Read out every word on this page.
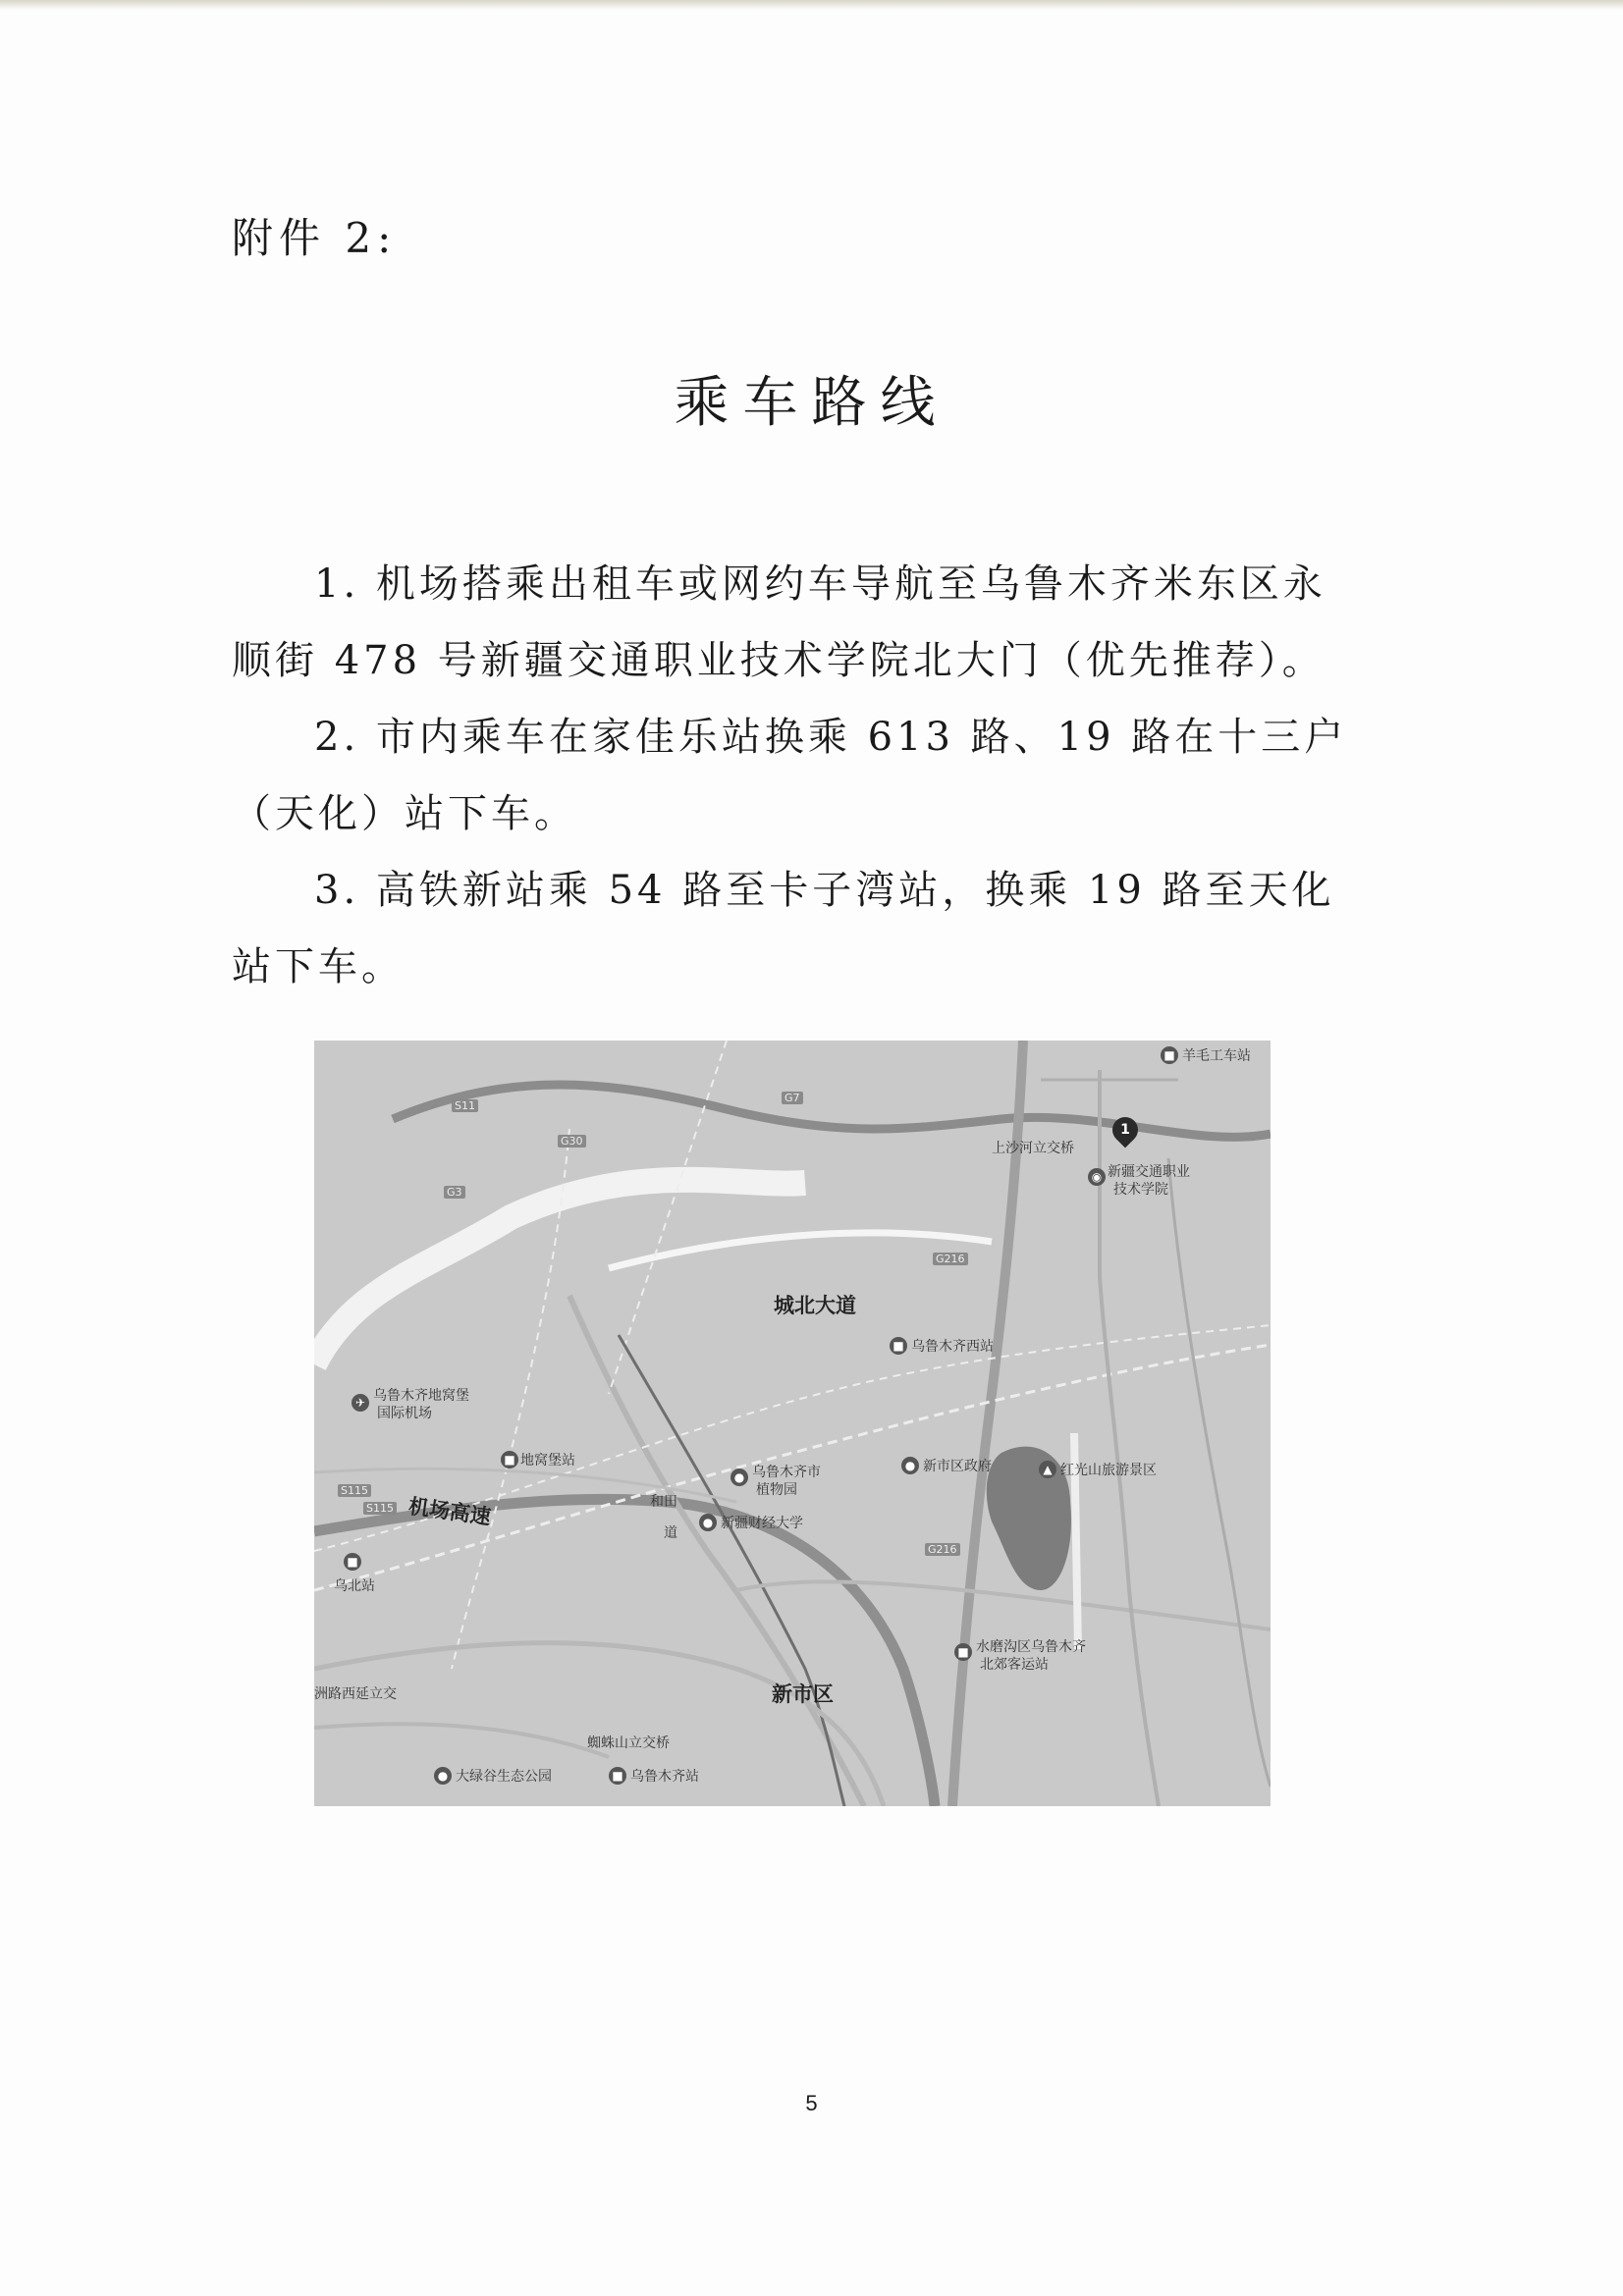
附件 2:
乘车路线

1. 机场搭乘出租车或网约车导航至乌鲁木齐米东区永顺街 478 号新疆交通职业技术学院北大门（优先推荐）。

2. 市内乘车在家佳乐站换乘 613 路、19 路在十三户（天化）站下车。

3. 高铁新站乘 54 路至卡子湾站，换乘 19 路至天化站下车。

1
■ 羊毛工车站
上沙河立交桥
◉ 新疆交通职业
技术学院
城北大道
■ 乌鲁木齐西站
✈ 乌鲁木齐地窝堡
国际机场
■ 地窝堡站
● 乌鲁木齐市
植物园
● 新市区政府	▲ 红光山旅游景区
机场高速	和田
道
● 新疆财经大学
■
乌北站
■ 水磨沟区乌鲁木齐
北郊客运站
新市区
洲路西延立交
蜘蛛山立交桥
● 大绿谷生态公园	■ 乌鲁木齐站
S11
G7
G30
G3
G216
G216
S115
S115
5
